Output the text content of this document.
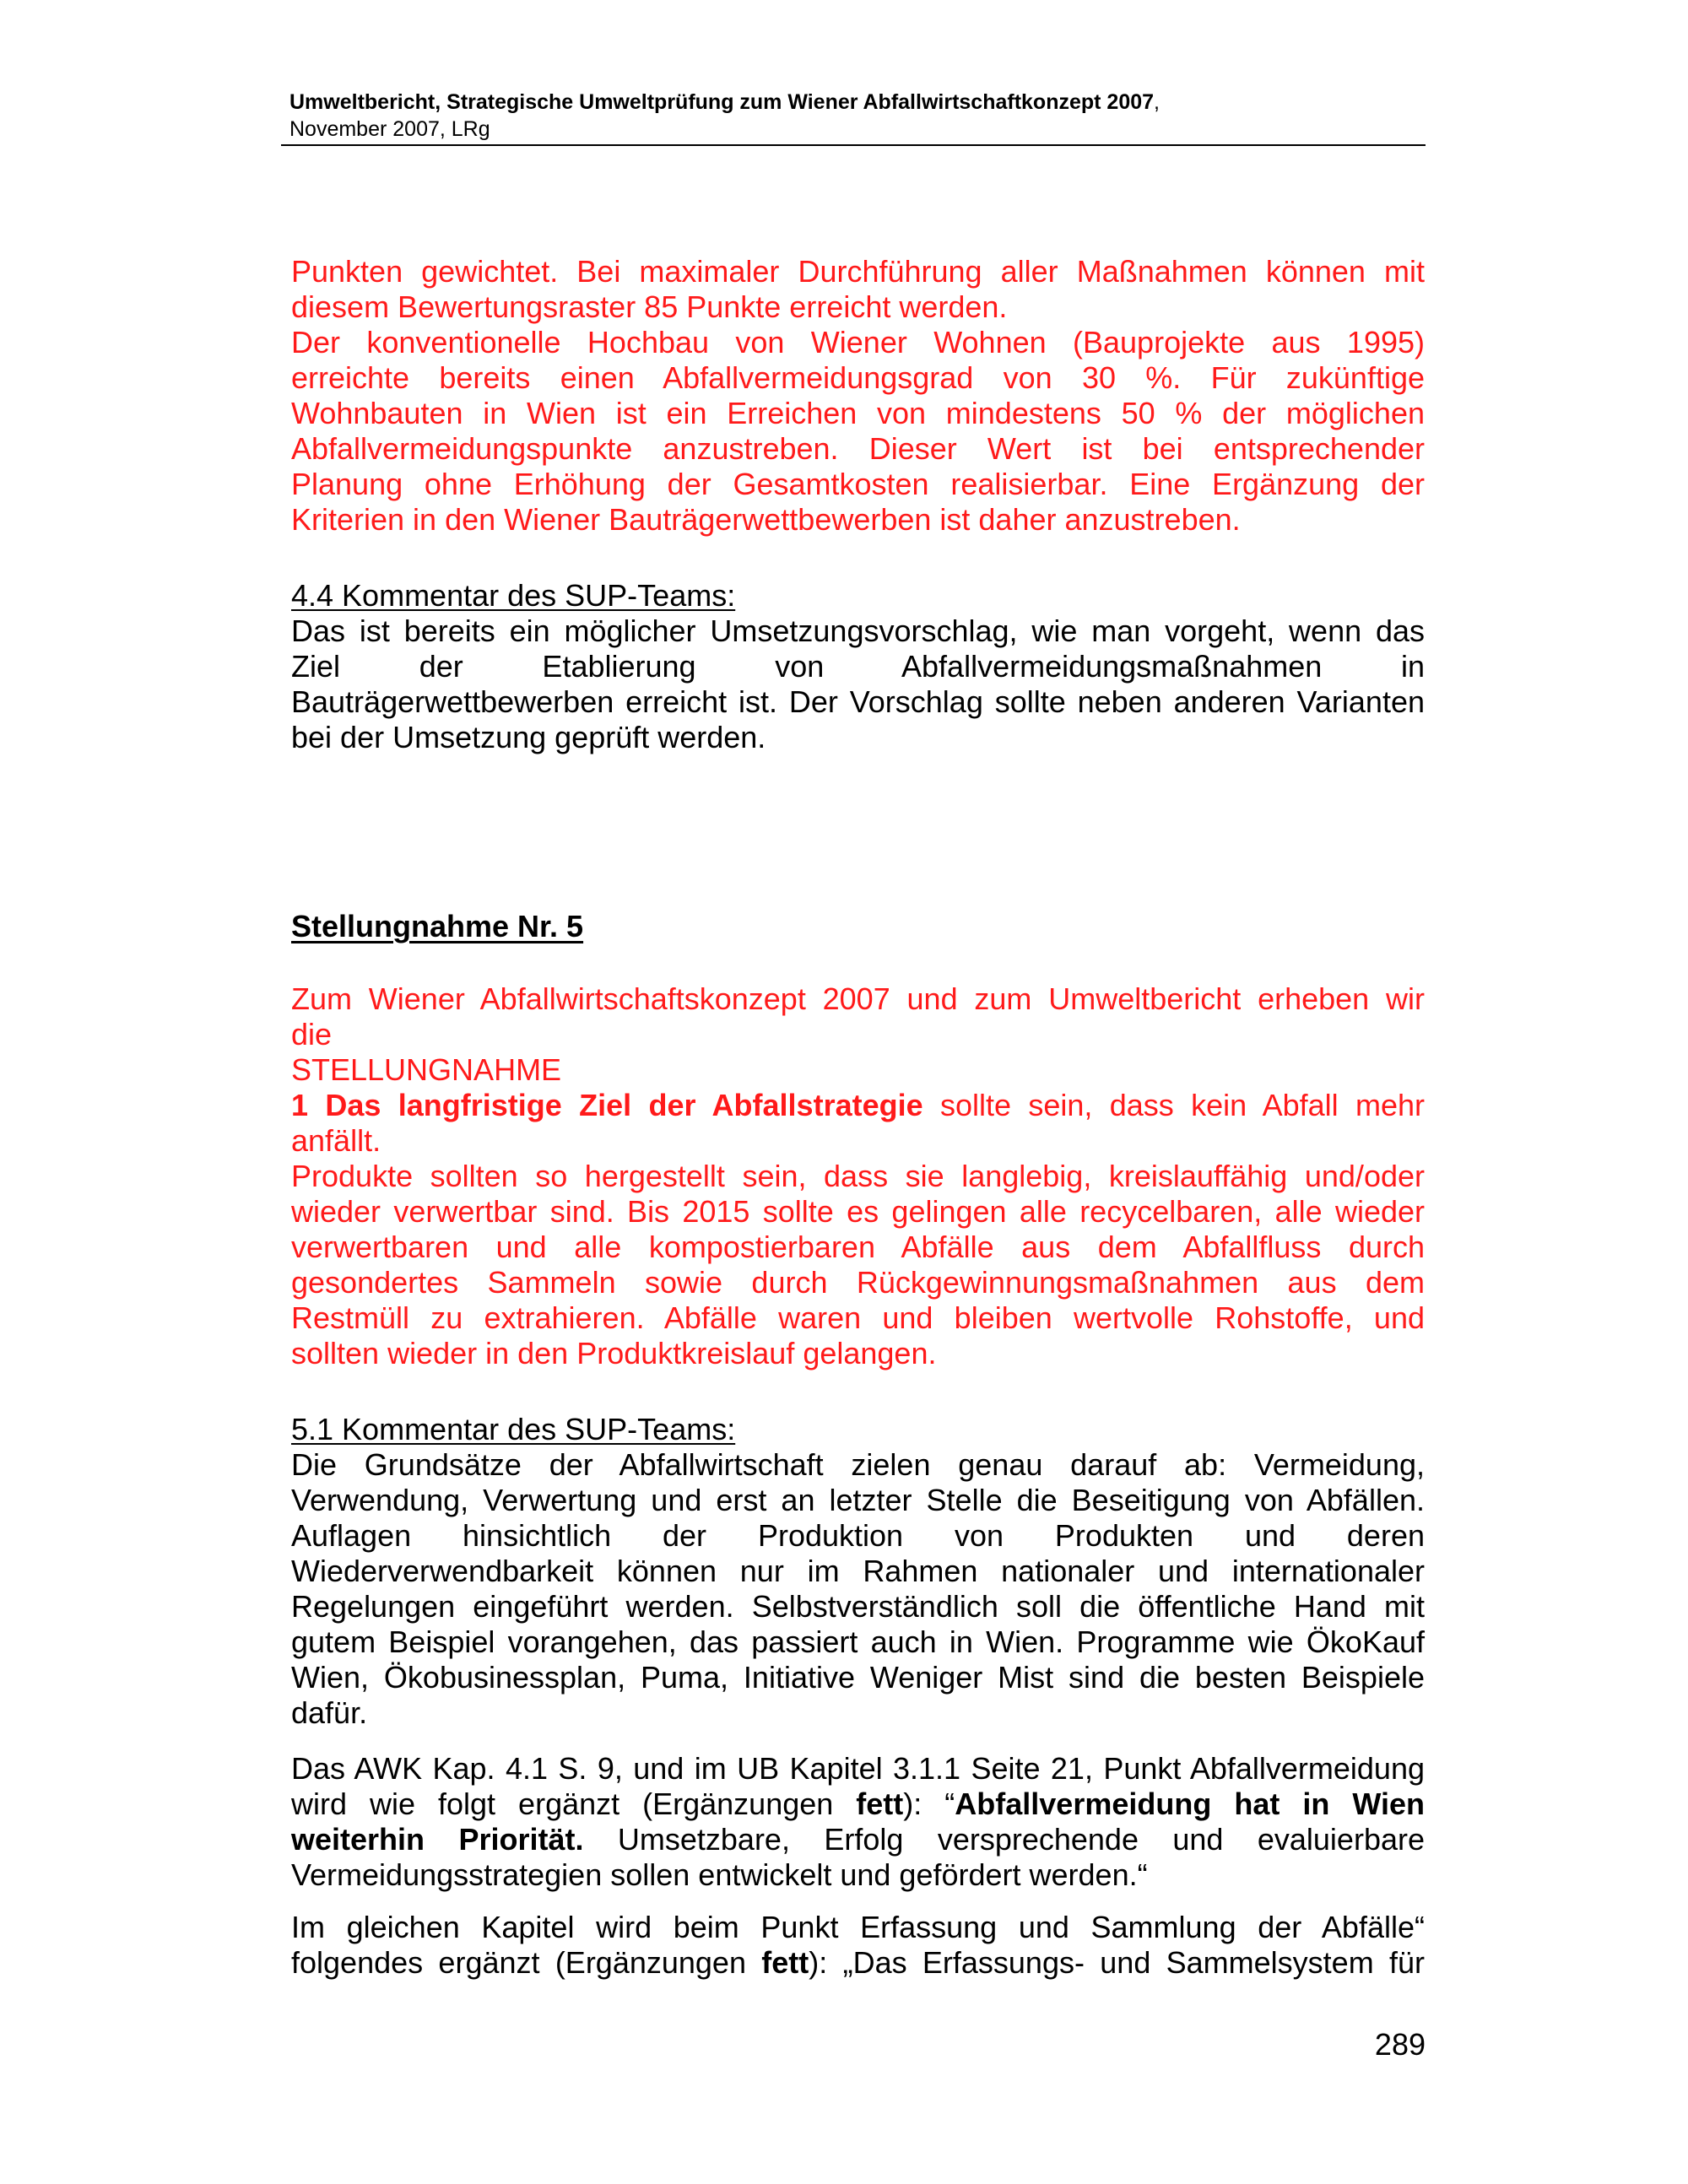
Umweltbericht, Strategische Umweltprüfung zum Wiener Abfallwirtschaftkonzept 2007,
November 2007, LRg

Punkten gewichtet. Bei maximaler Durchführung aller Maßnahmen können mit

diesem Bewertungsraster 85 Punkte erreicht werden.

Der konventionelle Hochbau von Wiener Wohnen (Bauprojekte aus 1995)

erreichte bereits einen Abfallvermeidungsgrad von 30 %. Für zukünftige

Wohnbauten in Wien ist ein Erreichen von mindestens 50 % der möglichen

Abfallvermeidungspunkte anzustreben. Dieser Wert ist bei entsprechender

Planung ohne Erhöhung der Gesamtkosten realisierbar. Eine Ergänzung der

Kriterien in den Wiener Bauträgerwettbewerben ist daher anzustreben.

4.4 Kommentar des SUP-Teams:

Das ist bereits ein möglicher Umsetzungsvorschlag, wie man vorgeht, wenn das

Ziel der Etablierung von Abfallvermeidungsmaßnahmen in

Bauträgerwettbewerben erreicht ist. Der Vorschlag sollte neben anderen Varianten

bei der Umsetzung geprüft werden.

Stellungnahme Nr. 5

Zum Wiener Abfallwirtschaftskonzept 2007 und zum Umweltbericht erheben wir

die

STELLUNGNAHME

1 Das langfristige Ziel der Abfallstrategie sollte sein, dass kein Abfall mehr

anfällt.

Produkte sollten so hergestellt sein, dass sie langlebig, kreislauffähig und/oder

wieder verwertbar sind. Bis 2015 sollte es gelingen alle recycelbaren, alle wieder

verwertbaren und alle kompostierbaren Abfälle aus dem Abfallfluss durch

gesondertes Sammeln sowie durch Rückgewinnungsmaßnahmen aus dem

Restmüll zu extrahieren. Abfälle waren und bleiben wertvolle Rohstoffe, und

sollten wieder in den Produktkreislauf gelangen.

5.1 Kommentar des SUP-Teams:

Die Grundsätze der Abfallwirtschaft zielen genau darauf ab: Vermeidung,

Verwendung, Verwertung und erst an letzter Stelle die Beseitigung von Abfällen.

Auflagen hinsichtlich der Produktion von Produkten und deren

Wiederverwendbarkeit können nur im Rahmen nationaler und internationaler

Regelungen eingeführt werden. Selbstverständlich soll die öffentliche Hand mit

gutem Beispiel vorangehen, das passiert auch in Wien. Programme wie ÖkoKauf

Wien, Ökobusinessplan, Puma, Initiative Weniger Mist sind die besten Beispiele

dafür.

Das AWK Kap. 4.1 S. 9, und im UB Kapitel 3.1.1 Seite 21, Punkt Abfallvermeidung

wird wie folgt ergänzt (Ergänzungen fett): “Abfallvermeidung hat in Wien

weiterhin Priorität. Umsetzbare, Erfolg versprechende und evaluierbare

Vermeidungsstrategien sollen entwickelt und gefördert werden.“

Im gleichen Kapitel wird beim Punkt Erfassung und Sammlung der Abfälle“

folgendes ergänzt (Ergänzungen fett): „Das Erfassungs- und Sammelsystem für

289
